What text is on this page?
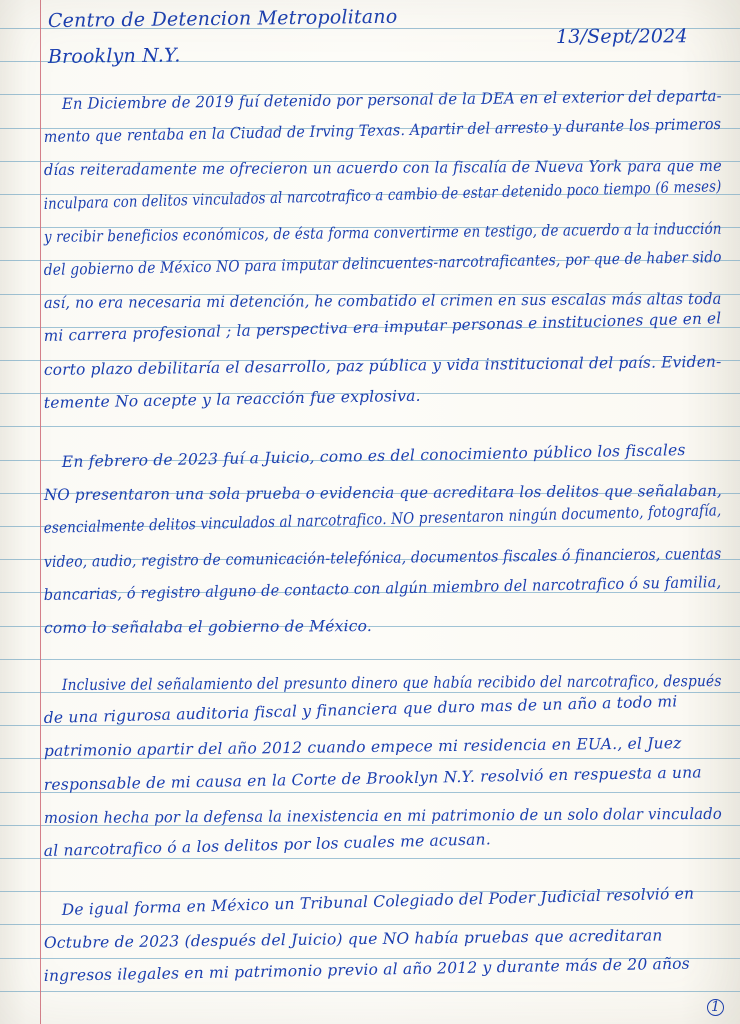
Centro de Detencion Metropolitano
Brooklyn N.Y.
13/Sept/2024
En Diciembre de 2019 fuí detenido por personal de la DEA en el exterior del departa-
mento que rentaba en la Ciudad de Irving Texas. Apartir del arresto y durante los primeros
días reiteradamente me ofrecieron un acuerdo con la fiscalía de Nueva York para que me
inculpara con delitos vinculados al narcotrafico a cambio de estar detenido poco tiempo (6 meses)
y recibir beneficios económicos, de ésta forma convertirme en testigo, de acuerdo a la inducción
del gobierno de México NO para imputar delincuentes-narcotraficantes, por que de haber sido
así, no era necesaria mi detención, he combatido el crimen en sus escalas más altas toda
mi carrera profesional ; la perspectiva era imputar personas e instituciones que en el
corto plazo debilitaría el desarrollo, paz pública y vida institucional del país. Eviden-
temente No acepte y la reacción fue explosiva.
En febrero de 2023 fuí a Juicio, como es del conocimiento público los fiscales
NO presentaron una sola prueba o evidencia que acreditara los delitos que señalaban,
esencialmente delitos vinculados al narcotrafico. NO presentaron ningún documento, fotografía,
video, audio, registro de comunicación-telefónica, documentos fiscales ó financieros, cuentas
bancarias, ó registro alguno de contacto con algún miembro del narcotrafico ó su familia,
como lo señalaba el gobierno de México.
Inclusive del señalamiento del presunto dinero que había recibido del narcotrafico, después
de una rigurosa auditoria fiscal y financiera que duro mas de un año a todo mi
patrimonio apartir del año 2012 cuando empece mi residencia en EUA., el Juez
responsable de mi causa en la Corte de Brooklyn N.Y. resolvió en respuesta a una
mosion hecha por la defensa la inexistencia en mi patrimonio de un solo dolar vinculado
al narcotrafico ó a los delitos por los cuales me acusan.
De igual forma en México un Tribunal Colegiado del Poder Judicial resolvió en
Octubre de 2023 (después del Juicio) que NO había pruebas que acreditaran
ingresos ilegales en mi patrimonio previo al año 2012 y durante más de 20 años
1
